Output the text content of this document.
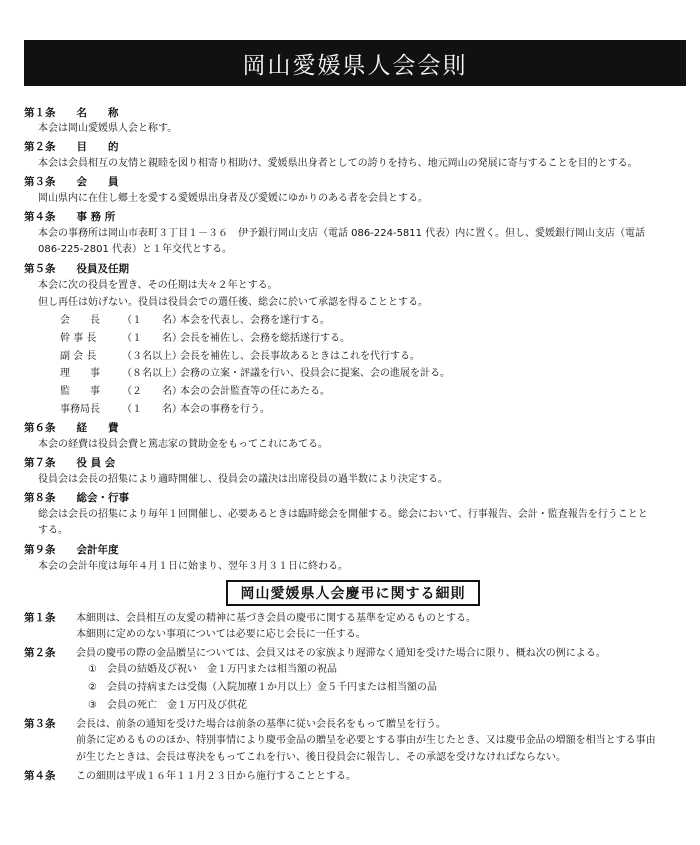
岡山愛媛県人会会則
第１条　　名　　称
本会は岡山愛媛県人会と称す。
第２条　　目　　的
本会は会員相互の友情と親睦を図り相寄り相助け、愛媛県出身者としての誇りを持ち、地元岡山の発展に寄与することを目的とする。
第３条　　会　　員
岡山県内に在住し郷土を愛する愛媛県出身者及び愛媛にゆかりのある者を会員とする。
第４条　　事 務 所
本会の事務所は岡山市表町３丁目１－３６　伊予銀行岡山支店（電話 086-224-5811 代表）内に置く。但し、愛媛銀行岡山支店（電話
086-225-2801 代表）と１年交代とする。
第５条　　役員及任期
本会に次の役員を置き、その任期は夫々２年とする。
但し再任は妨げない。役員は役員会での選任後、総会に於いて承認を得ることとする。
会　　長 （１　　名）本会を代表し、会務を遂行する。
幹 事 長	（１　　名）会長を補佐し、会務を総括遂行する。
副 会 長	（３名以上）会長を補佐し、会長事故あるときはこれを代行する。
理　　事 （８名以上）会務の立案・評議を行い、役員会に提案、会の進展を計る。
監　　事 （２　　名）本会の会計監査等の任にあたる。
事務局長 （１　　名）本会の事務を行う。
第６条　　経　　費
本会の経費は役員会費と篤志家の賛助金をもってこれにあてる。
第７条　　役 員 会
役員会は会長の招集により適時開催し、役員会の議決は出席役員の過半数により決定する。
第８条　　総会・行事
総会は会長の招集により毎年１回開催し、必要あるときは臨時総会を開催する。総会において、行事報告、会計・監査報告を行うことと
する。
第９条　　会計年度
本会の会計年度は毎年４月１日に始まり、翌年３月３１日に終わる。
岡山愛媛県人会慶弔に関する細則
第１条 本細則は、会員相互の友愛の精神に基づき会員の慶弔に関する基準を定めるものとする。
本細則に定めのない事項については必要に応じ会長に一任する。
第２条 会員の慶弔の際の金品贈呈については、会員又はその家族より遅滞なく通知を受けた場合に限り、概ね次の例による。
①　会員の結婚及び祝い　金１万円または相当額の祝品
②　会員の持病または受傷（入院加療１か月以上）金５千円または相当額の品
③　会員の死亡　金１万円及び供花
第３条 会長は、前条の通知を受けた場合は前条の基準に従い会長名をもって贈呈を行う。
前条に定めるもののほか、特別事情により慶弔金品の贈呈を必要とする事由が生じたとき、又は慶弔金品の増額を相当とする事由
が生じたときは、会長は専決をもってこれを行い、後日役員会に報告し、その承認を受けなければならない。
第４条 この細則は平成１６年１１月２３日から施行することとする。
